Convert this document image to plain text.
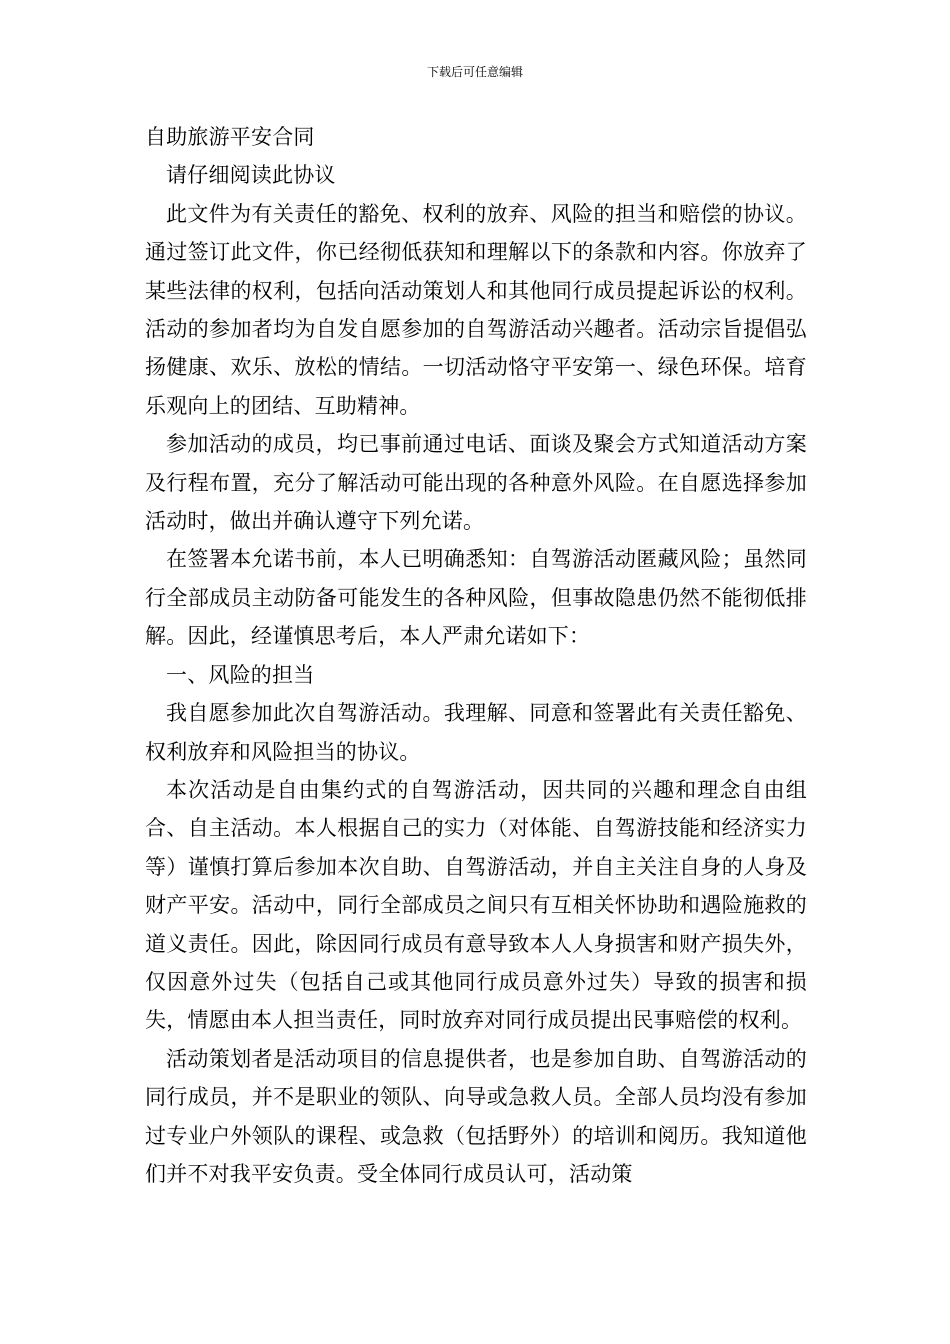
下载后可任意编辑

自助旅游平安合同

请仔细阅读此协议

此文件为有关责任的豁免、权利的放弃、风险的担当和赔偿的协议。通过签订此文件，你已经彻低获知和理解以下的条款和内容。你放弃了某些法律的权利，包括向活动策划人和其他同行成员提起诉讼的权利。活动的参加者均为自发自愿参加的自驾游活动兴趣者。活动宗旨提倡弘扬健康、欢乐、放松的情结。一切活动恪守平安第一、绿色环保。培育乐观向上的团结、互助精神。

参加活动的成员，均已事前通过电话、面谈及聚会方式知道活动方案及行程布置，充分了解活动可能出现的各种意外风险。在自愿选择参加活动时，做出并确认遵守下列允诺。

在签署本允诺书前，本人已明确悉知：自驾游活动匿藏风险；虽然同行全部成员主动防备可能发生的各种风险，但事故隐患仍然不能彻低排解。因此，经谨慎思考后，本人严肃允诺如下：

一、风险的担当

我自愿参加此次自驾游活动。我理解、同意和签署此有关责任豁免、权利放弃和风险担当的协议。

本次活动是自由集约式的自驾游活动，因共同的兴趣和理念自由组合、自主活动。本人根据自己的实力（对体能、自驾游技能和经济实力等）谨慎打算后参加本次自助、自驾游活动，并自主关注自身的人身及财产平安。活动中，同行全部成员之间只有互相关怀协助和遇险施救的道义责任。因此，除因同行成员有意导致本人人身损害和财产损失外，仅因意外过失（包括自己或其他同行成员意外过失）导致的损害和损失，情愿由本人担当责任，同时放弃对同行成员提出民事赔偿的权利。

活动策划者是活动项目的信息提供者，也是参加自助、自驾游活动的同行成员，并不是职业的领队、向导或急救人员。全部人员均没有参加过专业户外领队的课程、或急救（包括野外）的培训和阅历。我知道他们并不对我平安负责。受全体同行成员认可，活动策
